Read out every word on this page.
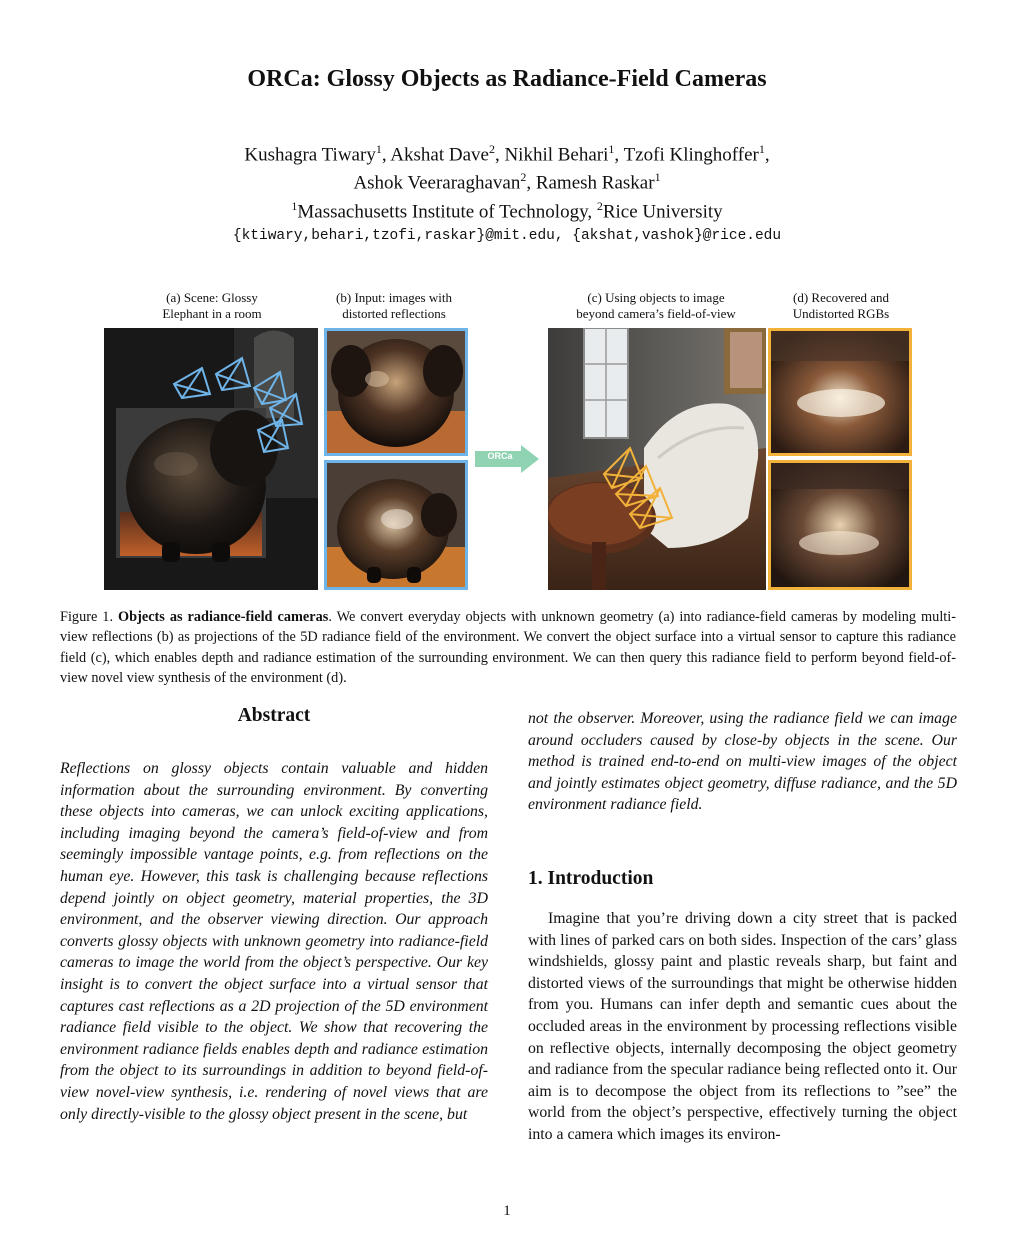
ORCa: Glossy Objects as Radiance-Field Cameras
Kushagra Tiwary$^1$, Akshat Dave$^2$, Nikhil Behari$^1$, Tzofi Klinghoffer$^1$,
Ashok Veeraraghavan$^2$, Ramesh Raskar$^1$
$^1$Massachusetts Institute of Technology, $^2$Rice University
{ktiwary,behari,tzofi,raskar}@mit.edu, {akshat,vashok}@rice.edu
(a) Scene: Glossy
Elephant in a room
(b) Input: images with
distorted reflections
(c) Using objects to image
beyond camera’s field-of-view
(d) Recovered and
Undistorted RGBs
ORCa
Figure 1. Objects as radiance-field cameras. We convert everyday objects with unknown geometry (a) into radiance-field cameras by modeling multi-view reflections (b) as projections of the 5D radiance field of the environment. We convert the object surface into a virtual sensor to capture this radiance field (c), which enables depth and radiance estimation of the surrounding environment. We can then query this radiance field to perform beyond field-of-view novel view synthesis of the environment (d).
Abstract
Reflections on glossy objects contain valuable and hidden information about the surrounding environment. By converting these objects into cameras, we can unlock exciting applications, including imaging beyond the camera’s field-of-view and from seemingly impossible vantage points, e.g. from reflections on the human eye. However, this task is challenging because reflections depend jointly on object geometry, material properties, the 3D environment, and the observer viewing direction. Our approach converts glossy objects with unknown geometry into radiance-field cameras to image the world from the object’s perspective. Our key insight is to convert the object surface into a virtual sensor that captures cast reflections as a 2D projection of the 5D environment radiance field visible to the object. We show that recovering the environment radiance fields enables depth and radiance estimation from the object to its surroundings in addition to beyond field-of-view novel-view synthesis, i.e. rendering of novel views that are only directly-visible to the glossy object present in the scene, but
not the observer. Moreover, using the radiance field we can image around occluders caused by close-by objects in the scene. Our method is trained end-to-end on multi-view images of the object and jointly estimates object geometry, diffuse radiance, and the 5D environment radiance field.
1. Introduction
Imagine that you’re driving down a city street that is packed with lines of parked cars on both sides. Inspection of the cars’ glass windshields, glossy paint and plastic reveals sharp, but faint and distorted views of the surroundings that might be otherwise hidden from you. Humans can infer depth and semantic cues about the occluded areas in the environment by processing reflections visible on reflective objects, internally decomposing the object geometry and radiance from the specular radiance being reflected onto it. Our aim is to decompose the object from its reflections to ”see” the world from the object’s perspective, effectively turning the object into a camera which images its environ-
1
